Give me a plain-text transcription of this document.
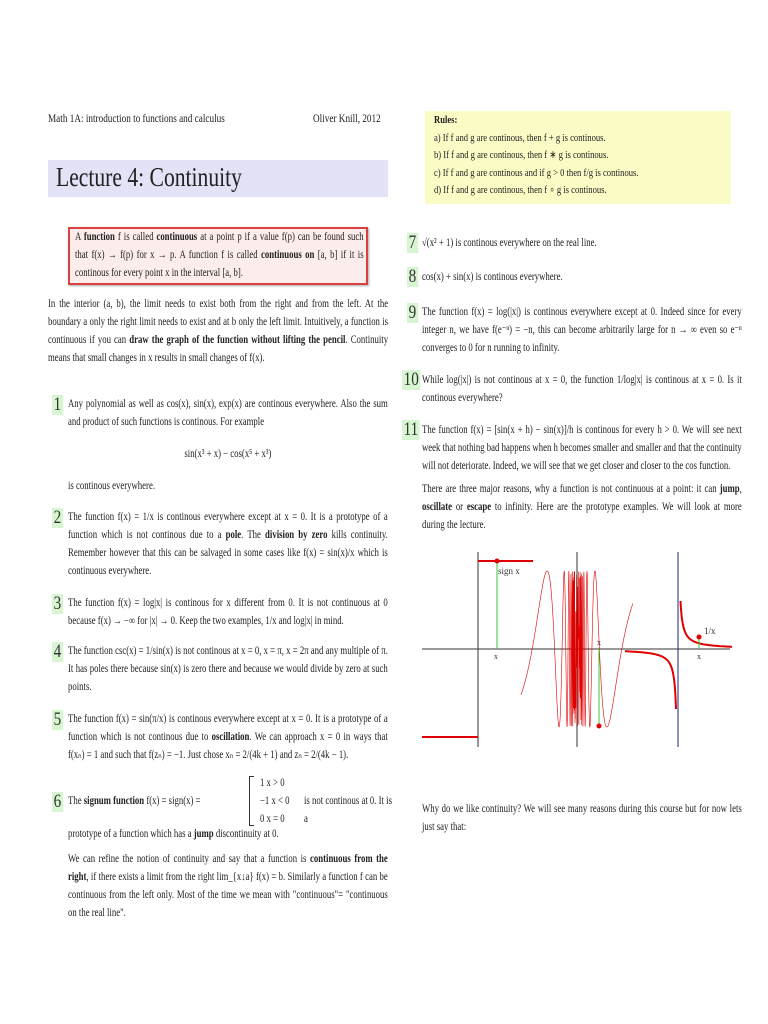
Math 1A: introduction to functions and calculus	Oliver Knill, 2012
Lecture 4: Continuity
A function f is called continuous at a point p if a value f(p) can be found such that f(x) → f(p) for x → p. A function f is called continuous on [a, b] if it is continous for every point x in the interval [a, b].
In the interior (a, b), the limit needs to exist both from the right and from the left. At the boundary a only the right limit needs to exist and at b only the left limit. Intuitively, a function is continuous if you can draw the graph of the function without lifting the pencil. Continuity means that small changes in x results in small changes of f(x).
1 Any polynomial as well as cos(x), sin(x), exp(x) are continous everywhere. Also the sum and product of such functions is continous. For example
sin(x³ + x) − cos(x⁵ + x³)
is continous everywhere.
2 The function f(x) = 1/x is continous everywhere except at x = 0. It is a prototype of a function which is not continous due to a pole. The division by zero kills continuity. Remember however that this can be salvaged in some cases like f(x) = sin(x)/x which is continuous everywhere.
3 The function f(x) = log|x| is continous for x different from 0. It is not continuous at 0 because f(x) → −∞ for |x| → 0. Keep the two examples, 1/x and log|x| in mind.
4 The function csc(x) = 1/sin(x) is not continous at x = 0, x = π, x = 2π and any multiple of π. It has poles there because sin(x) is zero there and because we would divide by zero at such points.
5 The function f(x) = sin(π/x) is continous everywhere except at x = 0. It is a prototype of a function which is not continous due to oscillation. We can approach x = 0 in ways that f(xₙ) = 1 and such that f(zₙ) = −1. Just chose xₙ = 2/(4k + 1) and zₙ = 2/(4k − 1).
6 The signum function f(x) = sign(x) =
1 x > 0
−1 x < 0
0 x = 0
is not continous at 0. It is a
prototype of a function which has a jump discontinuity at 0.
We can refine the notion of continuity and say that a function is continuous from the right, if there exists a limit from the right lim_{x↓a} f(x) = b. Similarly a function f can be continuous from the left only. Most of the time we mean with "continuous"= "continuous on the real line".
Rules:
a) If f and g are continous, then f + g is continous.
b) If f and g are continous, then f ∗ g is continous.
c) If f and g are continous and if g > 0 then f/g is continous.
d) If f and g are continous, then f ∘ g is continous.
7 √(x² + 1) is continous everywhere on the real line.
8 cos(x) + sin(x) is continous everywhere.
9 The function f(x) = log(|x|) is continous everywhere except at 0. Indeed since for every integer n, we have f(e⁻ⁿ) = −n, this can become arbitrarily large for n → ∞ even so e⁻ⁿ converges to 0 for n running to infinity.
10 While log(|x|) is not continous at x = 0, the function 1/log|x| is continous at x = 0. Is it continous everywhere?
11 The function f(x) = [sin(x + h) − sin(x)]/h is continous for every h > 0. We will see next week that nothing bad happens when h becomes smaller and smaller and that the continuity will not deteriorate. Indeed, we will see that we get closer and closer to the cos function.
There are three major reasons, why a function is not continuous at a point: it can jump, oscillate or escape to infinity. Here are the prototype examples. We will look at more during the lecture.
sign x
x
x
1/x
x
Why do we like continuity? We will see many reasons during this course but for now lets just say that:
